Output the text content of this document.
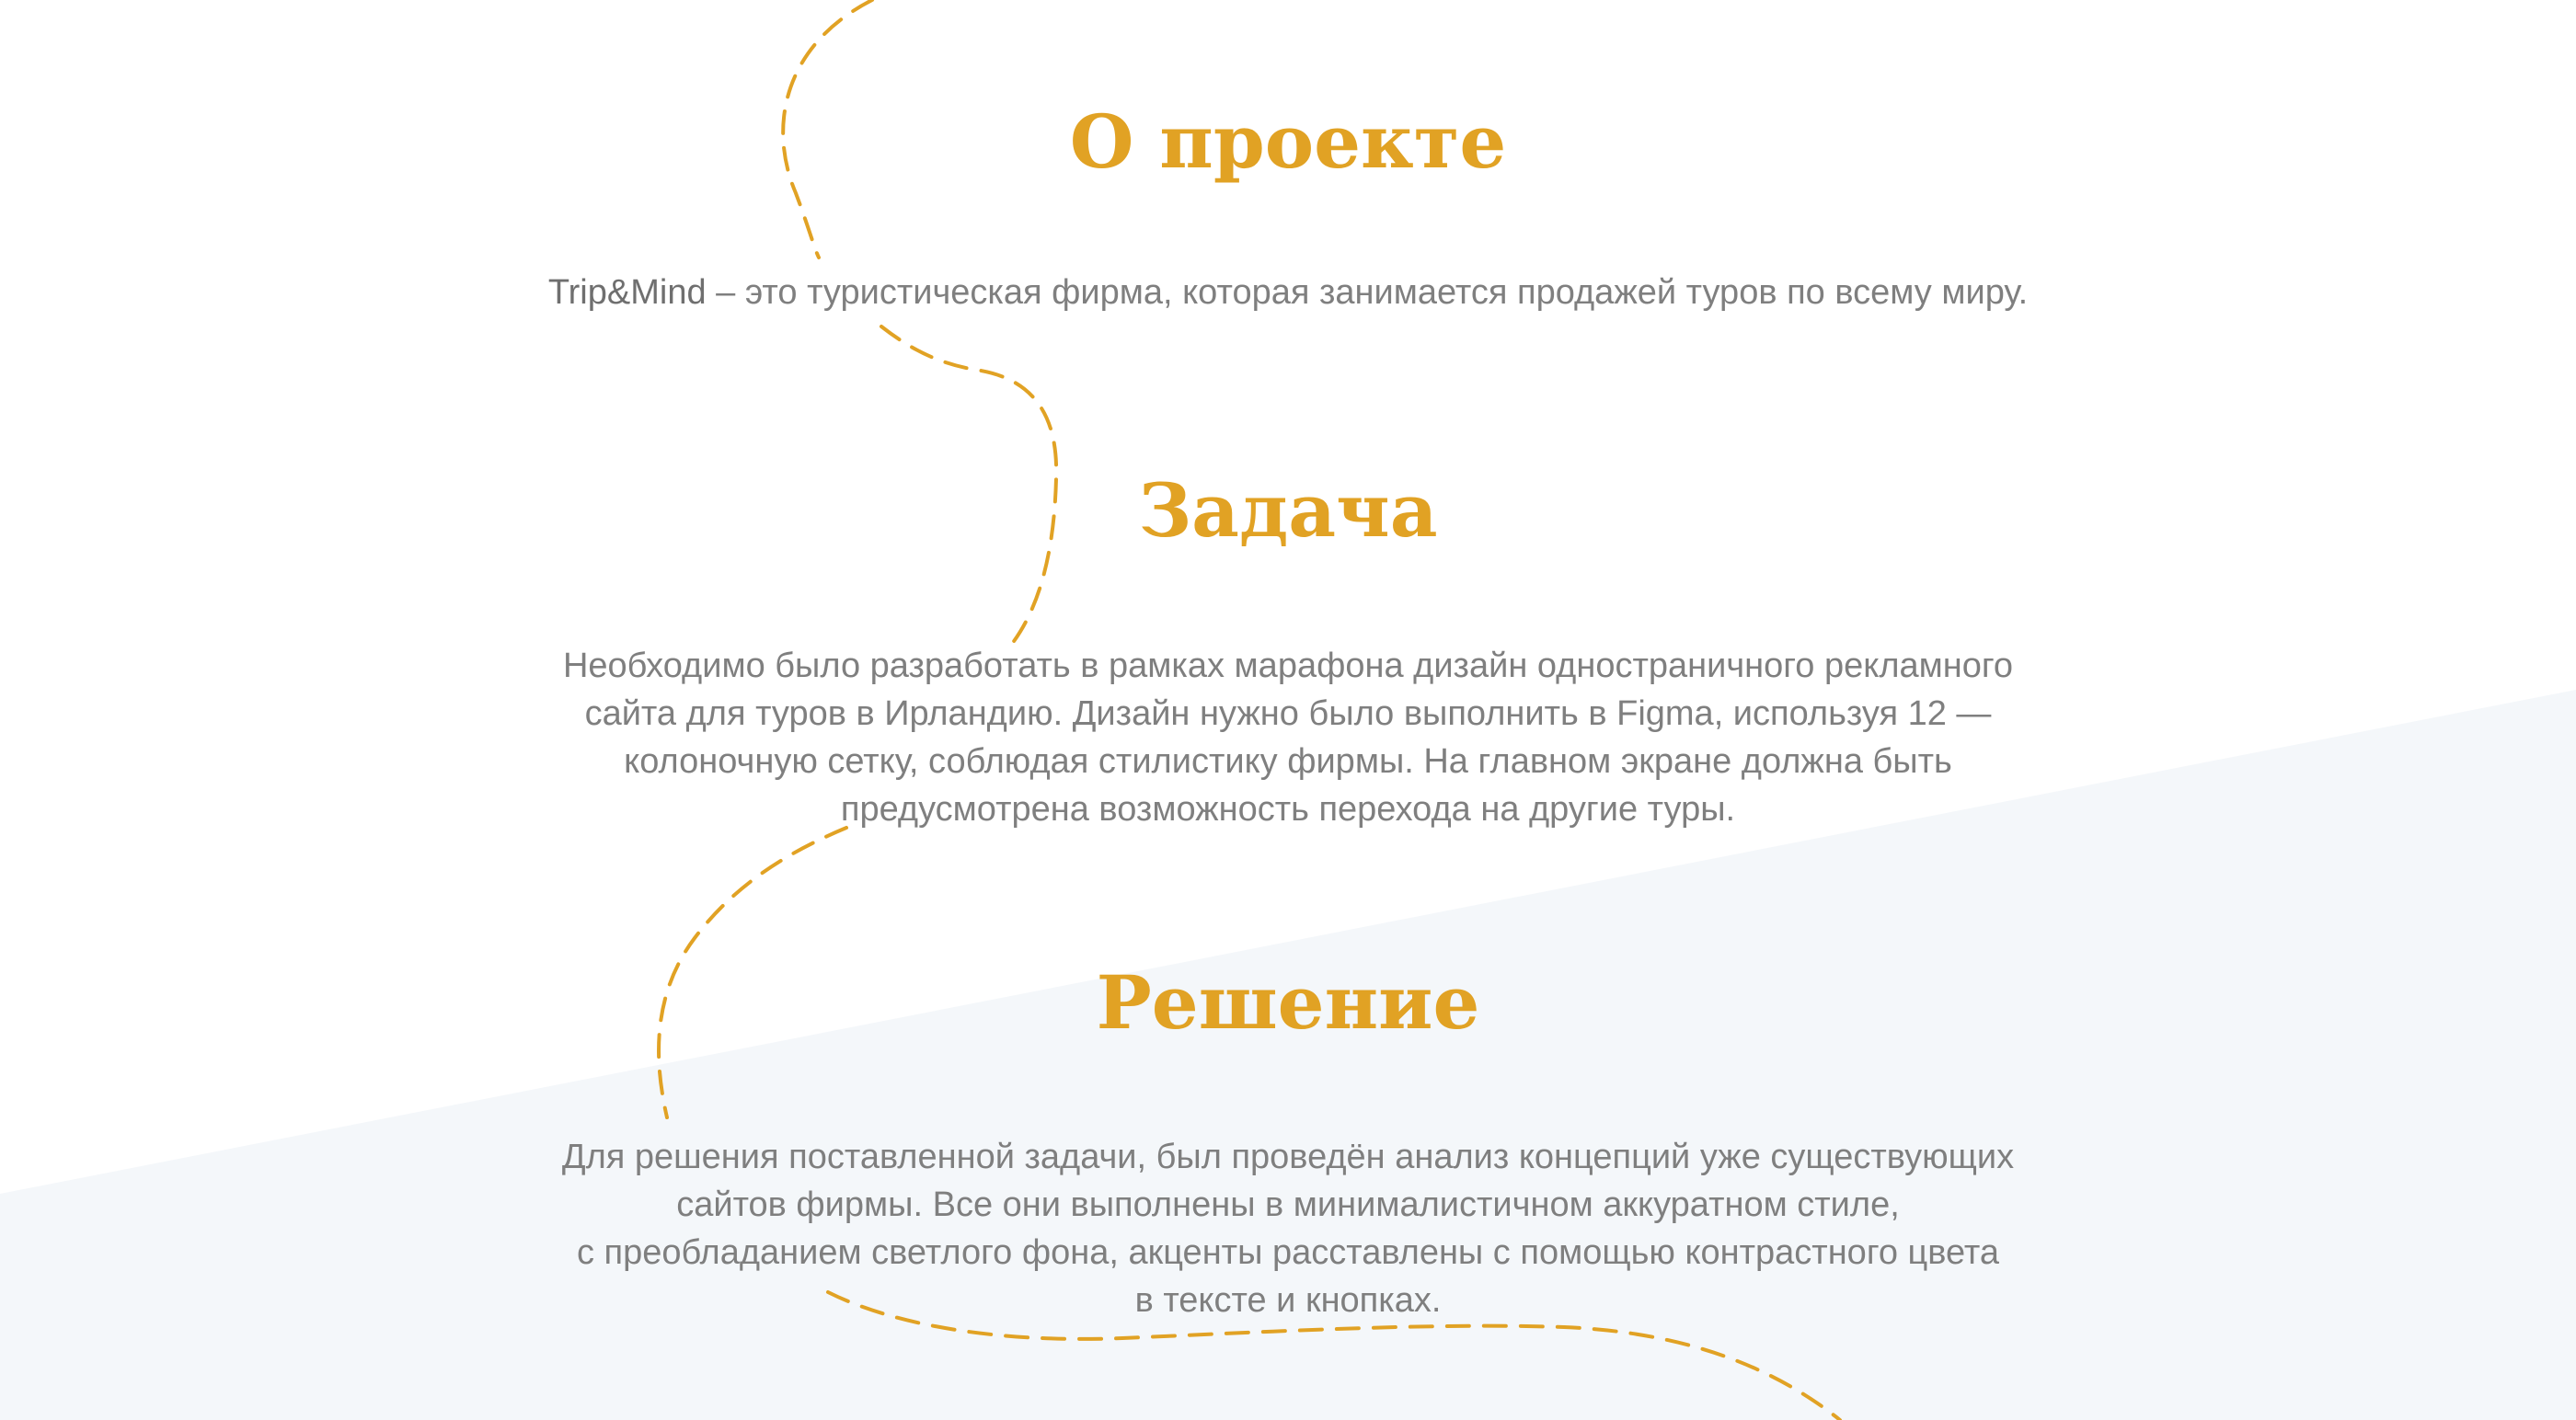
О проекте

Trip&Mind – это туристическая фирма, которая занимается продажей туров по всему миру.

Задача

Необходимо было разработать в рамках марафона дизайн одностраничного рекламного
сайта для туров в Ирландию. Дизайн нужно было выполнить в Figma, используя 12 —
колоночную сетку, соблюдая стилистику фирмы. На главном экране должна быть
предусмотрена возможность перехода на другие туры.

Решение

Для решения поставленной задачи, был проведён анализ концепций уже существующих
сайтов фирмы. Все они выполнены в минималистичном аккуратном стиле,
с преобладанием светлого фона, акценты расставлены с помощью контрастного цвета
в тексте и кнопках.
